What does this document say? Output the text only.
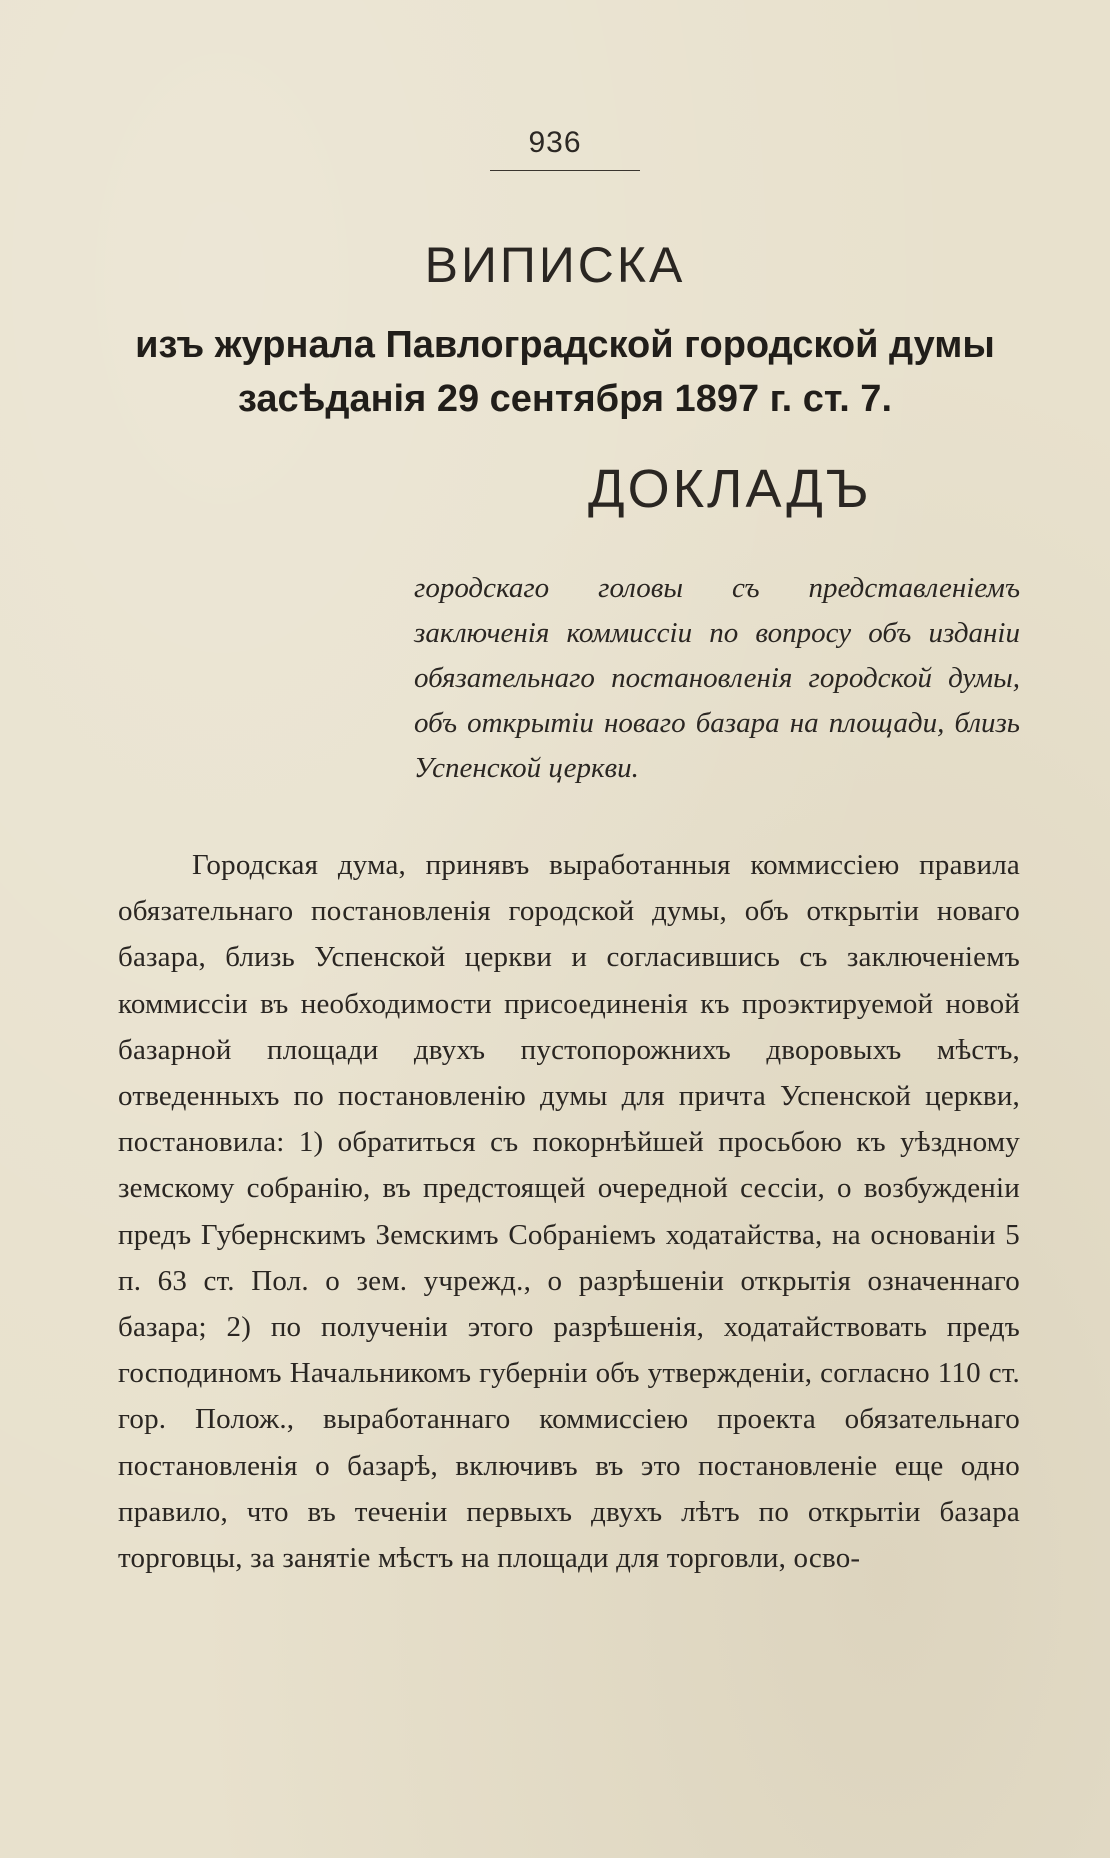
936
ВИПИСКА
изъ журнала Павлоградской городской думы засѣданія 29 сентября 1897 г. ст. 7.
ДОКЛАДЪ
городскаго головы съ представленіемъ заключенія коммиссіи по вопросу объ изданіи обязательнаго постановленія городской думы, объ открытіи новаго базара на площади, близь Успенской церкви.
Городская дума, принявъ выработанныя коммиссіею правила обязательнаго постановленія городской думы, объ открытіи новаго базара, близь Успенской церкви и согласившись съ заключеніемъ коммиссіи въ необходимости присоединенія къ проэктируемой новой базарной площади двухъ пустопорожнихъ дворовыхъ мѣстъ, отведенныхъ по постановленію думы для причта Успенской церкви, постановила: 1) обратиться съ покорнѣйшей просьбою къ уѣздному земскому собранію, въ предстоящей очередной сессіи, о возбужденіи предъ Губернскимъ Земскимъ Собраніемъ ходатайства, на основаніи 5 п. 63 ст. Пол. о зем. учрежд., о разрѣшеніи открытія означеннаго базара; 2) по полученіи этого разрѣшенія, ходатайствовать предъ господиномъ Начальникомъ губерніи объ утвержденіи, согласно 110 ст. гор. Полож., выработаннаго коммиссіею проекта обязательнаго постановленія о базарѣ, включивъ въ это постановленіе еще одно правило, что въ теченіи первыхъ двухъ лѣтъ по открытіи базара торговцы, за занятіе мѣстъ на площади для торговли, осво-
